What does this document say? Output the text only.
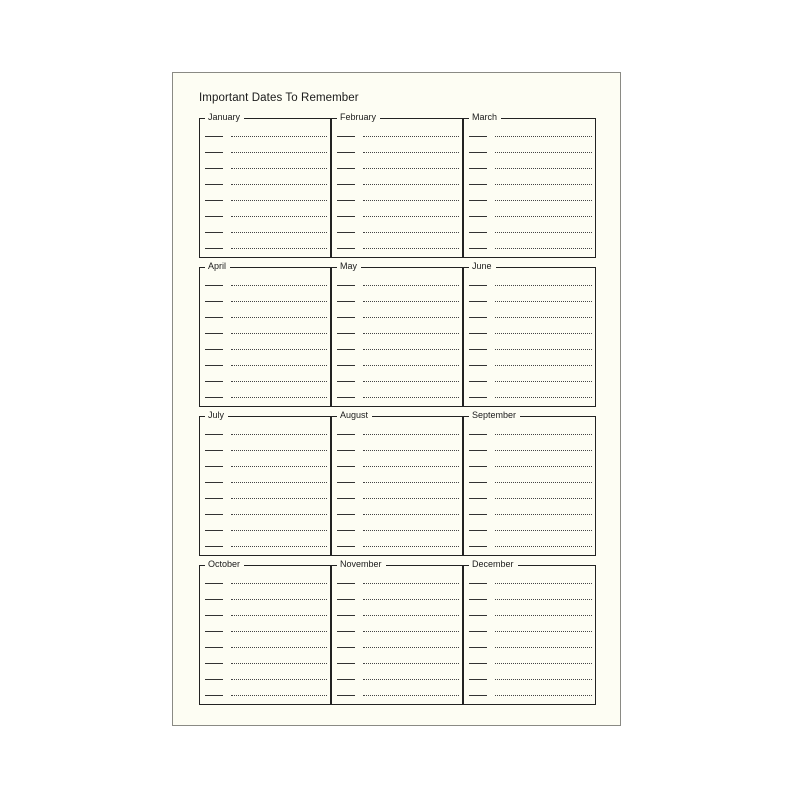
Important Dates To Remember
January	February	March
April	May	June
July	August	September
October	November	December
